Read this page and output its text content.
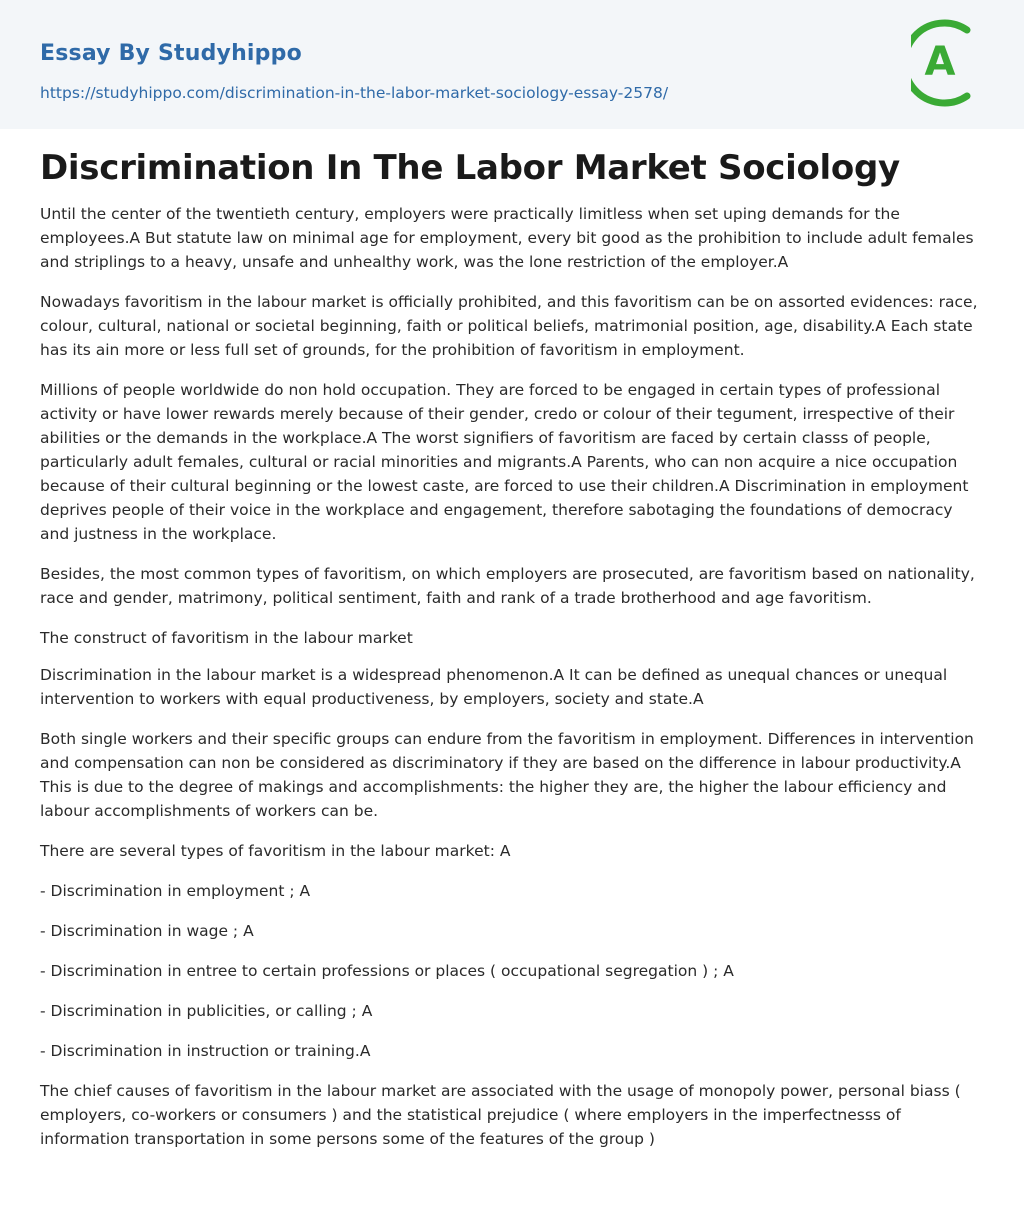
Essay By Studyhippo
https://studyhippo.com/discrimination-in-the-labor-market-sociology-essay-2578/
A
Discrimination In The Labor Market Sociology

Until the center of the twentieth century, employers were practically limitless when set uping demands for the employees.A But statute law on minimal age for employment, every bit good as the prohibition to include adult females and striplings to a heavy, unsafe and unhealthy work, was the lone restriction of the employer.A

Nowadays favoritism in the labour market is officially prohibited, and this favoritism can be on assorted evidences: race, colour, cultural, national or societal beginning, faith or political beliefs, matrimonial position, age, disability.A Each state has its ain more or less full set of grounds, for the prohibition of favoritism in employment.

Millions of people worldwide do non hold occupation. They are forced to be engaged in certain types of professional activity or have lower rewards merely because of their gender, credo or colour of their tegument, irrespective of their abilities or the demands in the workplace.A The worst signifiers of favoritism are faced by certain classs of people, particularly adult females, cultural or racial minorities and migrants.A Parents, who can non acquire a nice occupation because of their cultural beginning or the lowest caste, are forced to use their children.A Discrimination in employment deprives people of their voice in the workplace and engagement, therefore sabotaging the foundations of democracy and justness in the workplace.

Besides, the most common types of favoritism, on which employers are prosecuted, are favoritism based on nationality, race and gender, matrimony, political sentiment, faith and rank of a trade brotherhood and age favoritism.

The construct of favoritism in the labour market

Discrimination in the labour market is a widespread phenomenon.A It can be defined as unequal chances or unequal intervention to workers with equal productiveness, by employers, society and state.A

Both single workers and their specific groups can endure from the favoritism in employment. Differences in intervention and compensation can non be considered as discriminatory if they are based on the difference in labour productivity.A This is due to the degree of makings and accomplishments: the higher they are, the higher the labour efficiency and labour accomplishments of workers can be.

There are several types of favoritism in the labour market: A

- Discrimination in employment ; A

- Discrimination in wage ; A

- Discrimination in entree to certain professions or places ( occupational segregation ) ; A

- Discrimination in publicities, or calling ; A

- Discrimination in instruction or training.A

The chief causes of favoritism in the labour market are associated with the usage of monopoly power, personal biass ( employers, co-workers or consumers ) and the statistical prejudice ( where employers in the imperfectnesss of information transportation in some persons some of the features of the group )
